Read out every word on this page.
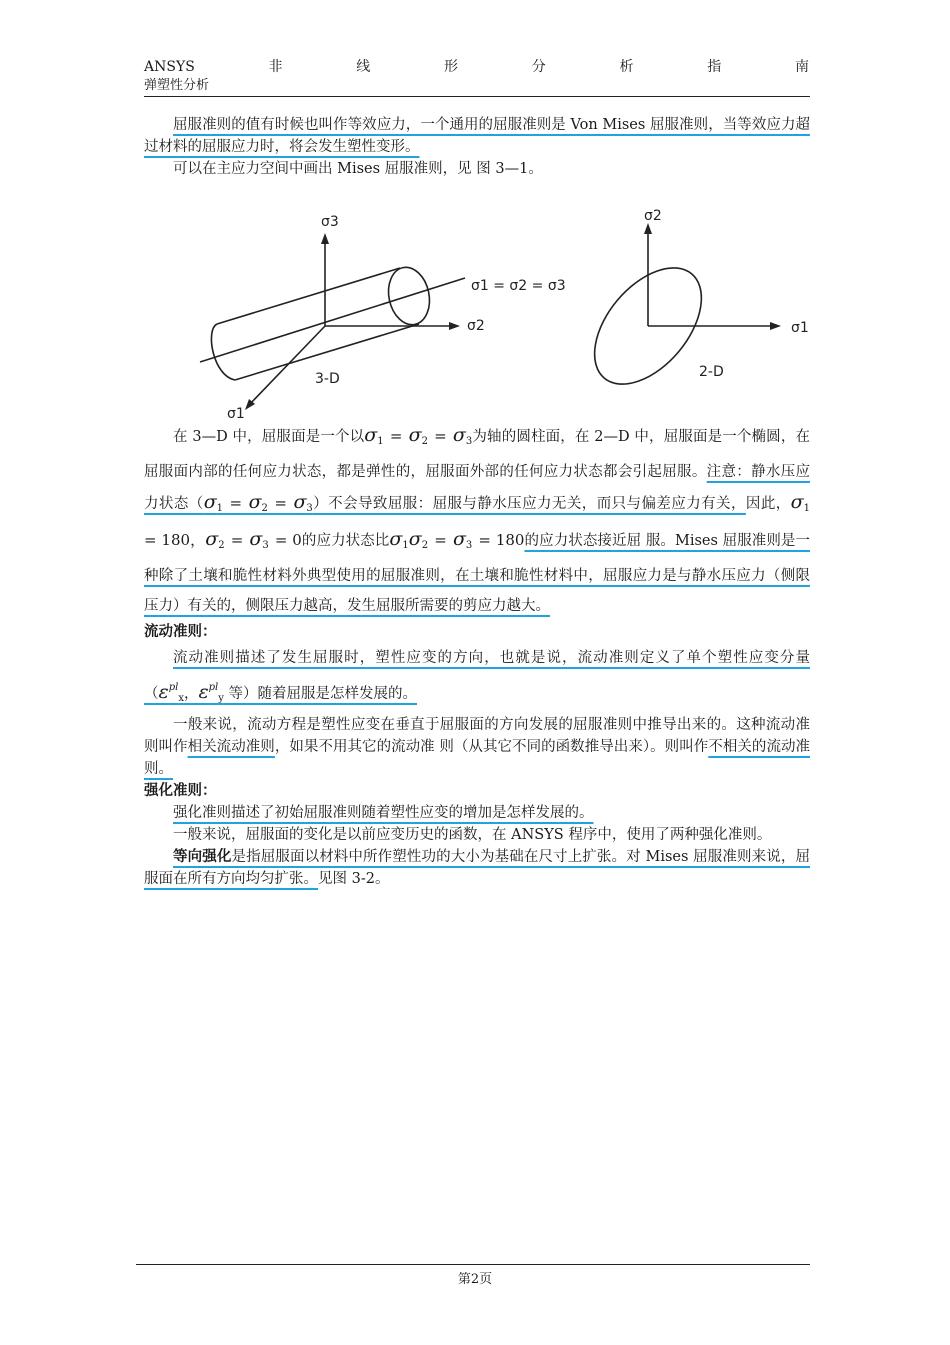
ANSYS	非	线	形	分	析	指	南
弹塑性分析

屈服准则的值有时候也叫作等效应力，一个通用的屈服准则是 Von Mises 屈服准则，当等效应力超过材料的屈服应力时，将会发生塑性变形。

可以在主应力空间中画出 Mises 屈服准则，见 图 3—1。

在 3—D 中，屈服面是一个以$\sigma_1 = \sigma_2 = \sigma_3$为轴的圆柱面，在 2—D 中，屈服面是一个椭圆，在屈服面内部的任何应力状态，都是弹性的，屈服面外部的任何应力状态都会引起屈服。注意：静水压应力状态$(\sigma_1 = \sigma_2 = \sigma_3)$不会导致屈服：屈服与静水压应力无关，而只与偏差应力有关，因此，$\sigma_1 = 180$，$\sigma_2 = \sigma_3 = 0$的应力状态比$\sigma_1\sigma_2 = \sigma_3 = 180$的应力状态接近屈 服。Mises 屈服准则是一种除了土壤和脆性材料外典型使用的屈服准则，在土壤和脆性材料中，屈服应力是与静水压应力（侧限压力）有关的，侧限压力越高，发生屈服所需要的剪应力越大。

流动准则：

流动准则描述了发生屈服时，塑性应变的方向，也就是说，流动准则定义了单个塑性应变分量（$\varepsilon^{pl}_x$，$\varepsilon^{pl}_y$ 等）随着屈服是怎样发展的。

一般来说，流动方程是塑性应变在垂直于屈服面的方向发展的屈服准则中推导出来的。这种流动准则叫作相关流动准则，如果不用其它的流动准 则（从其它不同的函数推导出来）。则叫作不相关的流动准则。

强化准则：

强化准则描述了初始屈服准则随着塑性应变的增加是怎样发展的。

一般来说，屈服面的变化是以前应变历史的函数，在 ANSYS 程序中，使用了两种强化准则。

等向强化是指屈服面以材料中所作塑性功的大小为基础在尺寸上扩张。对 Mises 屈服准则来说，屈服面在所有方向均匀扩张。见图 3-2。

σ3
σ2
σ1
σ1 = σ2 = σ3
3-D
σ2
σ1
2-D
第2页
